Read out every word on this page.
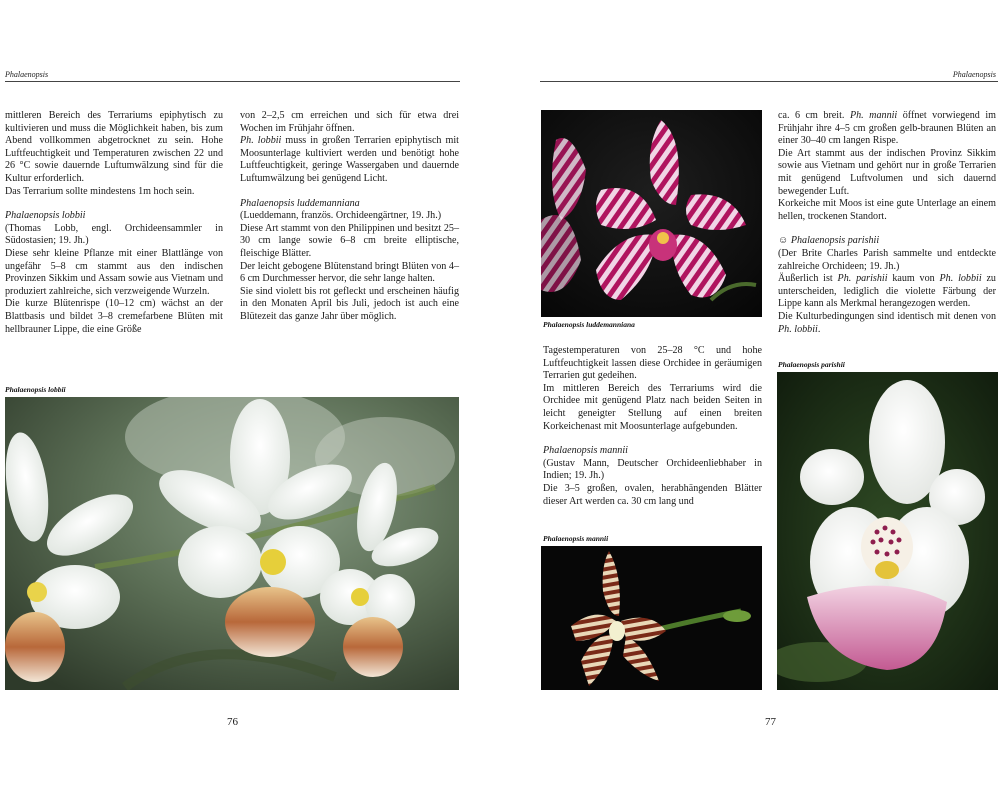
Phalaenopsis

mittleren Bereich des Terrariums epiphytisch zu kultivieren und muss die Möglichkeit haben, bis zum Abend vollkommen abgetrocknet zu sein. Hohe Luftfeuchtigkeit und Temperaturen zwischen 22 und 26 °C sowie dauernde Luftumwälzung sind für die Kultur erforderlich.

Das Terrarium sollte mindestens 1m hoch sein.

Phalaenopsis lobbii

(Thomas Lobb, engl. Orchideensammler in Südostasien; 19. Jh.)

Diese sehr kleine Pflanze mit einer Blattlänge von ungefähr 5–8 cm stammt aus den indischen Provinzen Sikkim und Assam sowie aus Vietnam und produziert zahlreiche, sich verzweigende Wurzeln.

Die kurze Blütenrispe (10–12 cm) wächst an der Blattbasis und bildet 3–8 cremefarbene Blüten mit hellbrauner Lippe, die eine Größe

von 2–2,5 cm erreichen und sich für etwa drei Wochen im Frühjahr öffnen.

Ph. lobbii muss in großen Terrarien epiphytisch mit Moosunterlage kultiviert werden und benötigt hohe Luftfeuchtigkeit, geringe Wassergaben und dauernde Luftumwälzung bei genügend Licht.

Phalaenopsis luddemanniana

(Lueddemann, französ. Orchideengärtner, 19. Jh.)

Diese Art stammt von den Philippinen und besitzt 25–30 cm lange sowie 6–8 cm breite elliptische, fleischige Blätter.

Der leicht gebogene Blütenstand bringt Blüten von 4–6 cm Durchmesser hervor, die sehr lange halten.

Sie sind violett bis rot gefleckt und erscheinen häufig in den Monaten April bis Juli, jedoch ist auch eine Blütezeit das ganze Jahr über möglich.

Phalaenopsis lobbii
76
Phalaenopsis
Phalaenopsis luddemanniana

Tagestemperaturen von 25–28 °C und hohe Luftfeuchtigkeit lassen diese Orchidee in geräumigen Terrarien gut gedeihen.

Im mittleren Bereich des Terrariums wird die Orchidee mit genügend Platz nach beiden Seiten in leicht geneigter Stellung auf einen breiten Korkeichenast mit Moosunterlage aufgebunden.

Phalaenopsis mannii

(Gustav Mann, Deutscher Orchideenliebhaber in Indien; 19. Jh.)

Die 3–5 großen, ovalen, herabhängenden Blätter dieser Art werden ca. 30 cm lang und

Phalaenopsis mannii

ca. 6 cm breit. Ph. mannii öffnet vorwiegend im Frühjahr ihre 4–5 cm großen gelb-braunen Blüten an einer 30–40 cm langen Rispe.

Die Art stammt aus der indischen Provinz Sikkim sowie aus Vietnam und gehört nur in große Terrarien mit genügend Luftvolumen und sich dauernd bewegender Luft.

Korkeiche mit Moos ist eine gute Unterlage an einem hellen, trockenen Standort.

☺ Phalaenopsis parishii

(Der Brite Charles Parish sammelte und entdeckte zahlreiche Orchideen; 19. Jh.)

Äußerlich ist Ph. parishii kaum von Ph. lobbii zu unterscheiden, lediglich die violette Färbung der Lippe kann als Merkmal herangezogen werden.

Die Kulturbedingungen sind identisch mit denen von Ph. lobbii.

Phalaenopsis parishii
77
